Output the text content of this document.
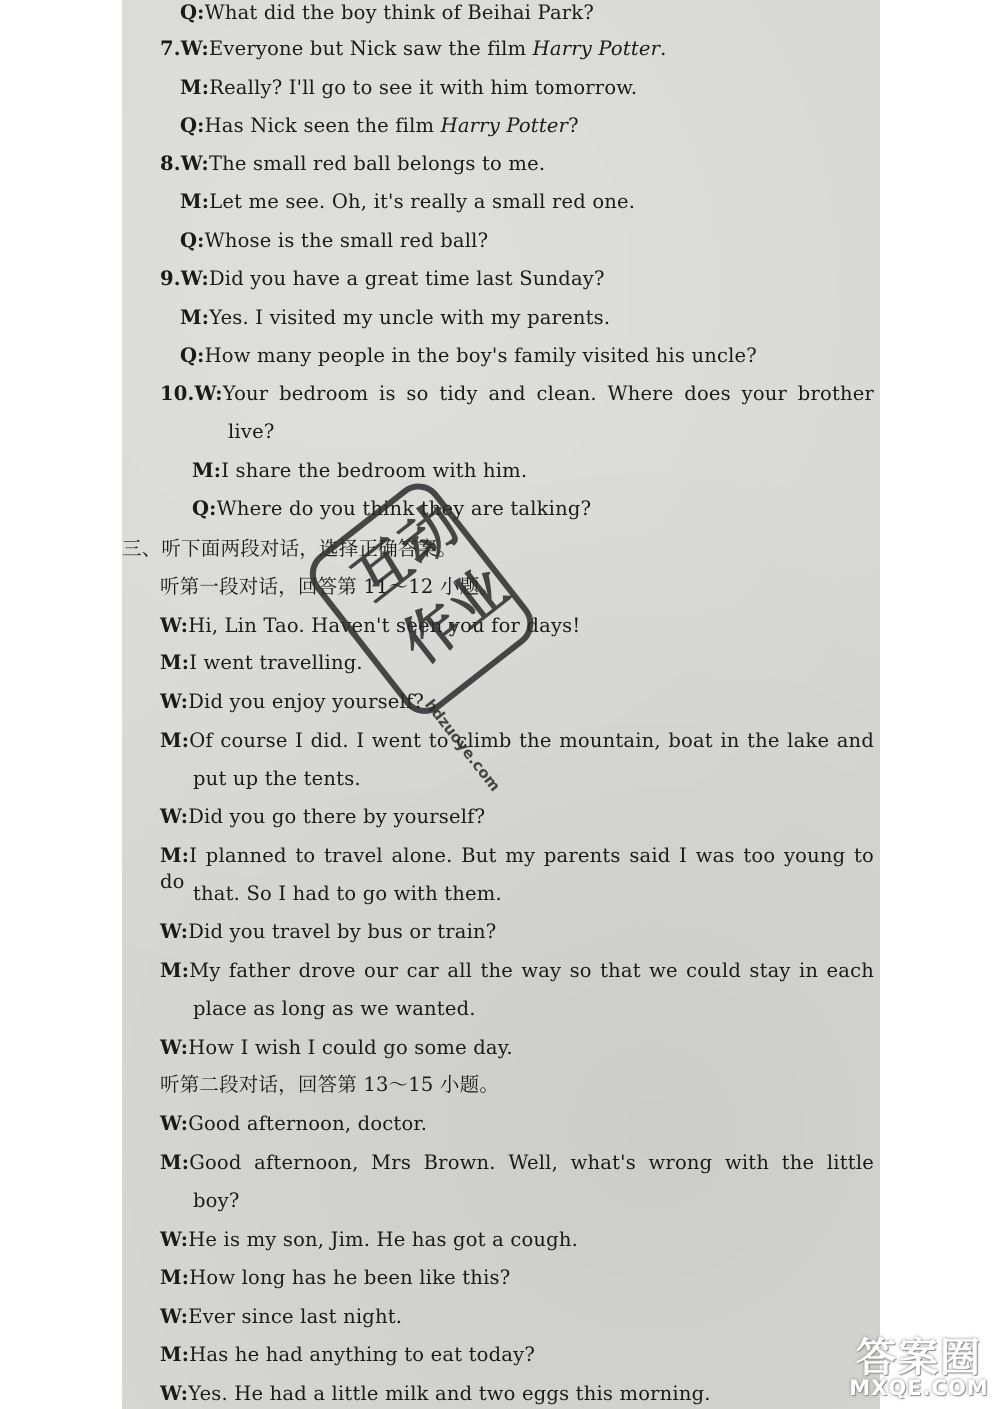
Q:What did the boy think of Beihai Park?
7.W:Everyone but Nick saw the film Harry Potter.
M:Really? I'll go to see it with him tomorrow.
Q:Has Nick seen the film Harry Potter?
8.W:The small red ball belongs to me.
M:Let me see. Oh, it's really a small red one.
Q:Whose is the small red ball?
9.W:Did you have a great time last Sunday?
M:Yes. I visited my uncle with my parents.
Q:How many people in the boy's family visited his uncle?
10.W:Your bedroom is so tidy and clean. Where does your brother
live?
M:I share the bedroom with him.
Q:Where do you think they are talking?
三、听下面两段对话，选择正确答案。
听第一段对话，回答第 11～12 小题。
W:Hi, Lin Tao. Haven't seen you for days!
M:I went travelling.
W:Did you enjoy yourself?
M:Of course I did. I went to climb the mountain, boat in the lake and
put up the tents.
W:Did you go there by yourself?
M:I planned to travel alone. But my parents said I was too young to do
that. So I had to go with them.
W:Did you travel by bus or train?
M:My father drove our car all the way so that we could stay in each
place as long as we wanted.
W:How I wish I could go some day.
听第二段对话，回答第 13～15 小题。
W:Good afternoon, doctor.
M:Good afternoon, Mrs Brown. Well, what's wrong with the little
boy?
W:He is my son, Jim. He has got a cough.
M:How long has he been like this?
W:Ever since last night.
M:Has he had anything to eat today?
W:Yes. He had a little milk and two eggs this morning.
互
动
作
业
hdzuoye.com
答案圈
MXQE.COM
